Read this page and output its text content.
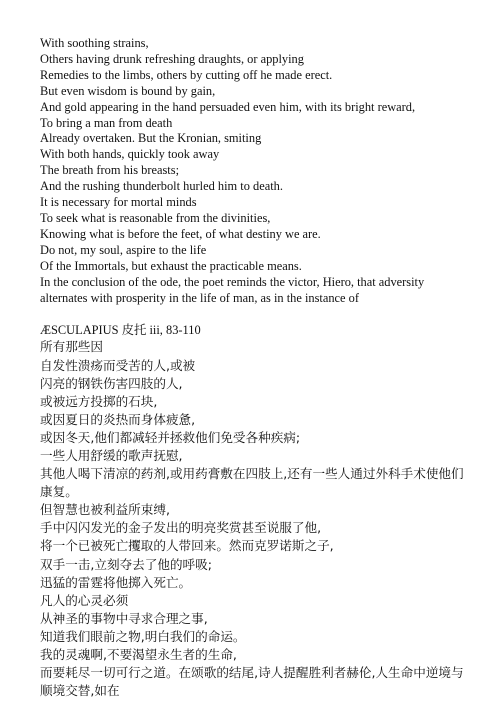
With soothing strains,
Others having drunk refreshing draughts, or applying
Remedies to the limbs, others by cutting off he made erect.
But even wisdom is bound by gain,
And gold appearing in the hand persuaded even him, with its bright reward,
To bring a man from death
Already overtaken. But the Kronian, smiting
With both hands, quickly took away
The breath from his breasts;
And the rushing thunderbolt hurled him to death.
It is necessary for mortal minds
To seek what is reasonable from the divinities,
Knowing what is before the feet, of what destiny we are.
Do not, my soul, aspire to the life
Of the Immortals, but exhaust the practicable means.
In the conclusion of the ode, the poet reminds the victor, Hiero, that adversity alternates with prosperity in the life of man, as in the instance of
ÆSCULAPIUS 皮托 iii, 83-110
所有那些因
自发性溃疡而受苦的人,或被
闪亮的钢铁伤害四肢的人,
或被远方投掷的石块,
或因夏日的炎热而身体疲惫,
或因冬天,他们都减轻并拯救他们免受各种疾病;
一些人用舒缓的歌声抚慰,
其他人喝下清凉的药剂,或用药膏敷在四肢上,还有一些人通过外科手术使他们康复。
但智慧也被利益所束缚,
手中闪闪发光的金子发出的明亮奖赏甚至说服了他,
将一个已被死亡攫取的人带回来。然而克罗诺斯之子,
双手一击,立刻夺去了他的呼吸;
迅猛的雷霆将他掷入死亡。
凡人的心灵必须
从神圣的事物中寻求合理之事,
知道我们眼前之物,明白我们的命运。
我的灵魂啊,不要渴望永生者的生命,
而要耗尽一切可行之道。在颂歌的结尾,诗人提醒胜利者赫伦,人生命中逆境与顺境交替,如在
